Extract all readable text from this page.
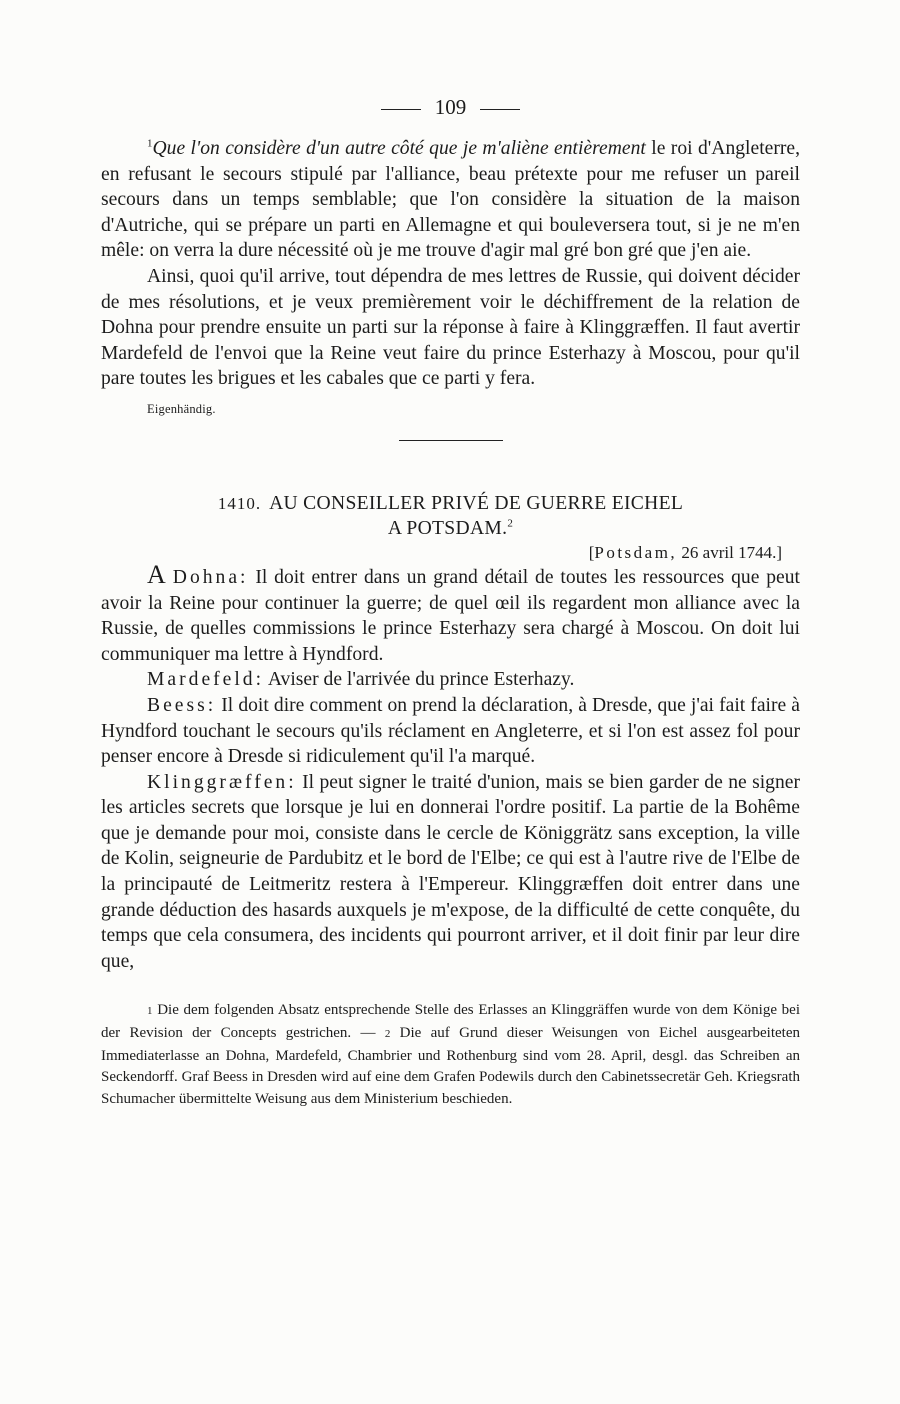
109

$^1$Que l'on considère d'un autre côté que je m'aliène entièrement le roi d'Angleterre, en refusant le secours stipulé par l'alliance, beau prétexte pour me refuser un pareil secours dans un temps semblable; que l'on considère la situation de la maison d'Autriche, qui se prépare un parti en Allemagne et qui bouleversera tout, si je ne m'en mêle: on verra la dure nécessité où je me trouve d'agir mal gré bon gré que j'en aie.

Ainsi, quoi qu'il arrive, tout dépendra de mes lettres de Russie, qui doivent décider de mes résolutions, et je veux premièrement voir le déchiffrement de la relation de Dohna pour prendre ensuite un parti sur la réponse à faire à Klinggræffen. Il faut avertir Mardefeld de l'envoi que la Reine veut faire du prince Esterhazy à Moscou, pour qu'il pare toutes les brigues et les cabales que ce parti y fera.

Eigenhändig.
1410. AU CONSEILLER PRIVÉ DE GUERRE EICHEL
A POTSDAM.$^2$
[Potsdam, 26 avril 1744.]

A Dohna: Il doit entrer dans un grand détail de toutes les ressources que peut avoir la Reine pour continuer la guerre; de quel œil ils regardent mon alliance avec la Russie, de quelles commissions le prince Esterhazy sera chargé à Moscou. On doit lui communiquer ma lettre à Hyndford.

Mardefeld: Aviser de l'arrivée du prince Esterhazy.

Beess: Il doit dire comment on prend la déclaration, à Dresde, que j'ai fait faire à Hyndford touchant le secours qu'ils réclament en Angleterre, et si l'on est assez fol pour penser encore à Dresde si ridiculement qu'il l'a marqué.

Klinggræffen: Il peut signer le traité d'union, mais se bien garder de ne signer les articles secrets que lorsque je lui en donnerai l'ordre positif. La partie de la Bohême que je demande pour moi, consiste dans le cercle de Königgrätz sans exception, la ville de Kolin, seigneurie de Pardubitz et le bord de l'Elbe; ce qui est à l'autre rive de l'Elbe de la principauté de Leitmeritz restera à l'Empereur. Klinggræffen doit entrer dans une grande déduction des hasards auxquels je m'expose, de la difficulté de cette conquête, du temps que cela consumera, des incidents qui pourront arriver, et il doit finir par leur dire que,

1 Die dem folgenden Absatz entsprechende Stelle des Erlasses an Klinggräffen wurde von dem Könige bei der Revision der Concepts gestrichen. — 2 Die auf Grund dieser Weisungen von Eichel ausgearbeiteten Immediaterlasse an Dohna, Mardefeld, Chambrier und Rothenburg sind vom 28. April, desgl. das Schreiben an Seckendorff. Graf Beess in Dresden wird auf eine dem Grafen Podewils durch den Cabinetssecretär Geh. Kriegsrath Schumacher übermittelte Weisung aus dem Ministerium beschieden.
